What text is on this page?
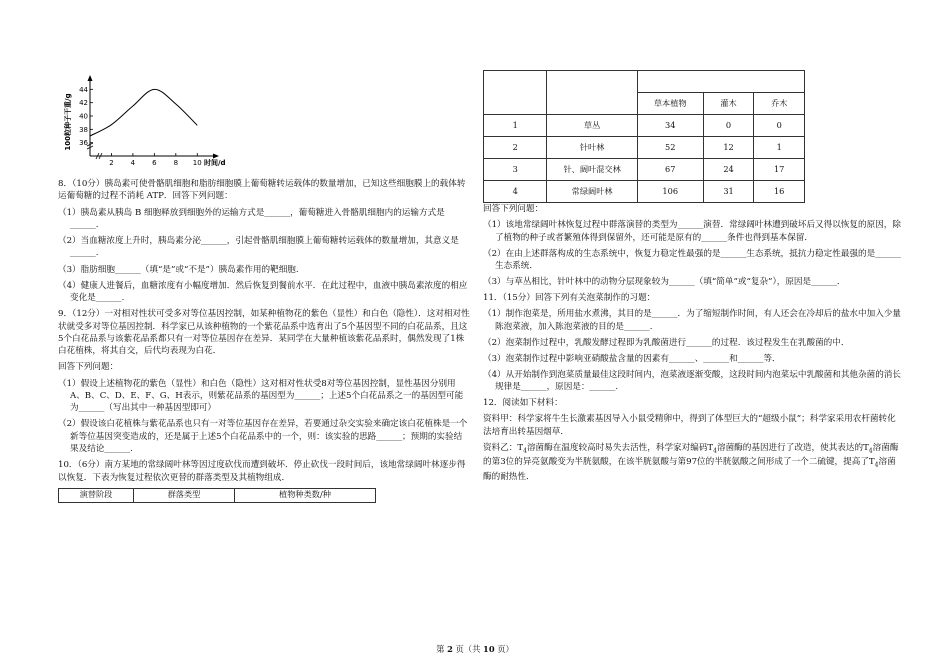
44
42
40
38
36
2 4 6 8 10 时间/d
100粒种子干重/g

8．（10分）胰岛素可使骨骼肌细胞和脂肪细胞膜上葡萄糖转运载体的数量增加，已知这些细胞膜上的载体转运葡萄糖的过程不消耗 ATP．回答下列问题：

（1）胰岛素从胰岛 B 细胞释放到细胞外的运输方式是______，葡萄糖进入骨骼肌细胞内的运输方式是______.

（2）当血糖浓度上升时，胰岛素分泌______，引起骨骼肌细胞膜上葡萄糖转运载体的数量增加，其意义是______.

（3）脂肪细胞______（填“是”或“不是”）胰岛素作用的靶细胞.

（4）健康人进餐后，血糖浓度有小幅度增加．然后恢复到餐前水平．在此过程中，血液中胰岛素浓度的相应变化是______.

9．（12分）一对相对性状可受多对等位基因控制，如某种植物花的紫色（显性）和白色（隐性）．这对相对性状就受多对等位基因控制．科学家已从该种植物的一个紫花品系中选育出了5个基因型不同的白花品系，且这5个白花品系与该紫花品系都只有一对等位基因存在差异．某同学在大量种植该紫花品系时，偶然发现了1株白花植株，将其自交，后代均表现为白花．

回答下列问题：

（1）假设上述植物花的紫色（显性）和白色（隐性）这对相对性状受8对等位基因控制，显性基因分别用A、B、C、D、E、F、G、H表示，则紫花品系的基因型为______；上述5个白花品系之一的基因型可能为______（写出其中一种基因型即可）

（2）假设该白花植株与紫花品系也只有一对等位基因存在差异，若要通过杂交实验来确定该白花植株是一个新等位基因突变造成的，还是属于上述5个白花品系中的一个，则：该实验的思路______；预期的实验结果及结论______.

10．（6分）南方某地的常绿阔叶林等因过度砍伐而遭到破坏．停止砍伐一段时间后，该地常绿阔叶林逐步得以恢复．下表为恢复过程依次更替的群落类型及其植物组成．

演替阶段	群落类型	植物种类数/种

		草本植物	灌木	乔木
1	草丛	34	0	0
2	针叶林	52	12	1
3	针、阔叶混交林	67	24	17
4	常绿阔叶林	106	31	16

回答下列问题：

（1）该地常绿阔叶林恢复过程中群落演替的类型为______演替．常绿阔叶林遭到破坏后又得以恢复的原因，除了植物的种子或者繁殖体得到保留外，还可能是原有的______条件也得到基本保留．

（2）在由上述群落构成的生态系统中，恢复力稳定性最强的是______生态系统，抵抗力稳定性最强的是______生态系统．

（3）与草丛相比，针叶林中的动物分层现象较为______（填“简单”或“复杂”），原因是______．

11．（15分）回答下列有关泡菜制作的习题：

（1）制作泡菜是，所用盐水煮沸，其目的是______．为了缩短制作时间，有人还会在冷却后的盐水中加入少量陈泡菜液，加入陈泡菜液的目的是______.

（2）泡菜制作过程中，乳酸发酵过程即为乳酸菌进行______的过程．该过程发生在乳酸菌的中．

（3）泡菜制作过程中影响亚硝酸盐含量的因素有______、______和______等．

（4）从开始制作到泡菜质量最佳这段时间内，泡菜液逐渐变酸，这段时间内泡菜坛中乳酸菌和其他杂菌的消长规律是______，原因是：______.

12．阅读如下材料：

资料甲：科学家将牛生长激素基因导入小鼠受精卵中，得到了体型巨大的“超级小鼠”；科学家采用农杆菌转化法培育出转基因烟草．

资料乙：$T_4$溶菌酶在温度较高时易失去活性，科学家对编码$T_4$溶菌酶的基因进行了改造，使其表达的$T_4$溶菌酶的第3位的异亮氨酸变为半胱氨酸，在该半胱氨酸与第97位的半胱氨酸之间形成了一个二硫键，提高了$T_4$溶菌酶的耐热性．

第 2 页（共 10 页）
